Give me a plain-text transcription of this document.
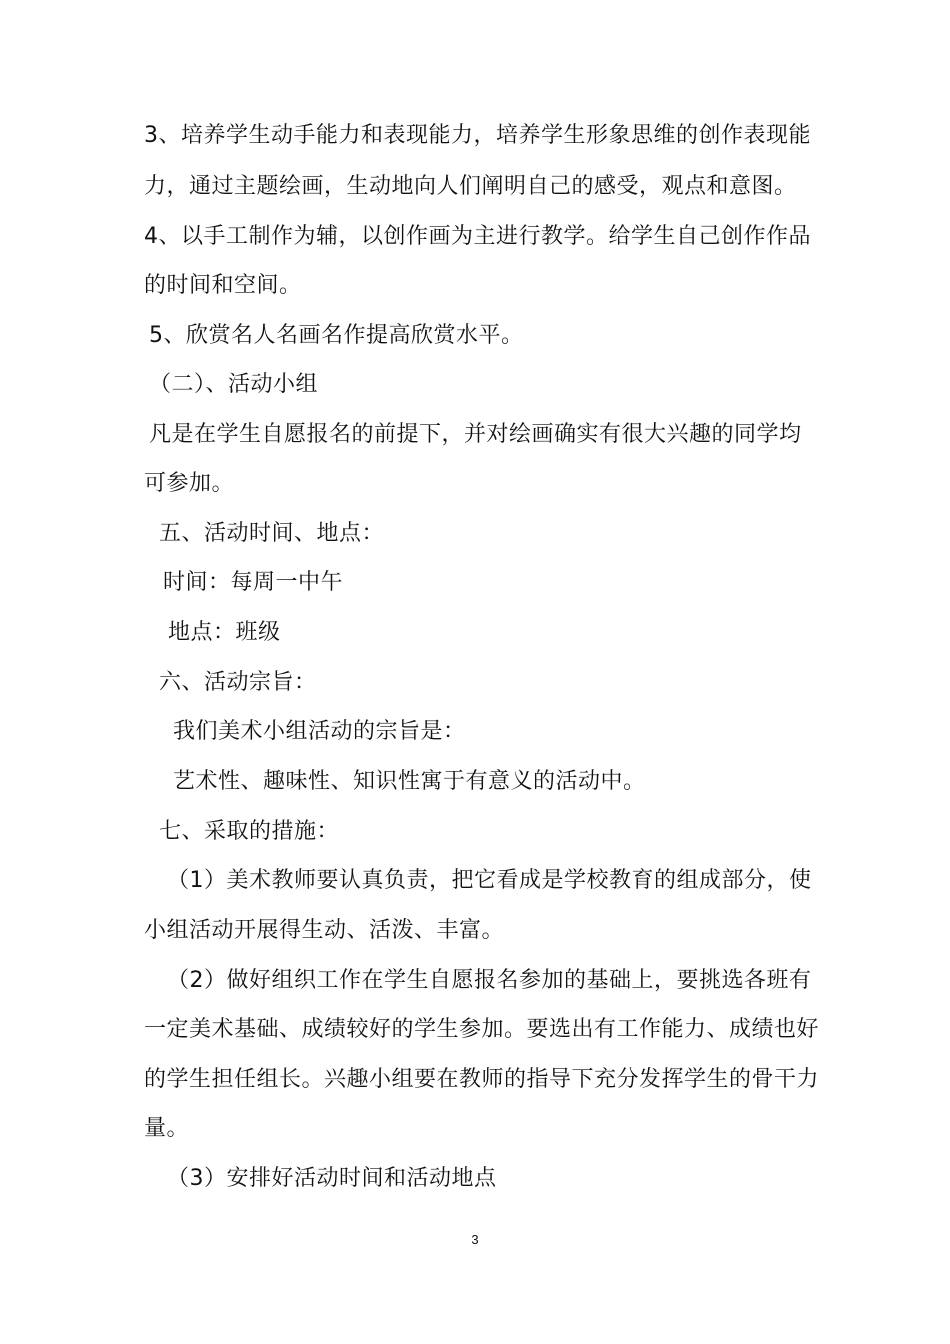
3、培养学生动手能力和表现能力，培养学生形象思维的创作表现能
力，通过主题绘画，生动地向人们阐明自己的感受，观点和意图。
4、以手工制作为辅，以创作画为主进行教学。给学生自己创作作品
的时间和空间。
5、欣赏名人名画名作提高欣赏水平。
（二）、活动小组
凡是在学生自愿报名的前提下，并对绘画确实有很大兴趣的同学均
可参加。
五、活动时间、地点：
时间：每周一中午
地点：班级
六、活动宗旨：
我们美术小组活动的宗旨是：
艺术性、趣味性、知识性寓于有意义的活动中。
七、采取的措施：
（1）美术教师要认真负责，把它看成是学校教育的组成部分，使
小组活动开展得生动、活泼、丰富。
（2）做好组织工作在学生自愿报名参加的基础上，要挑选各班有
一定美术基础、成绩较好的学生参加。要选出有工作能力、成绩也好
的学生担任组长。兴趣小组要在教师的指导下充分发挥学生的骨干力
量。
（3）安排好活动时间和活动地点
3
